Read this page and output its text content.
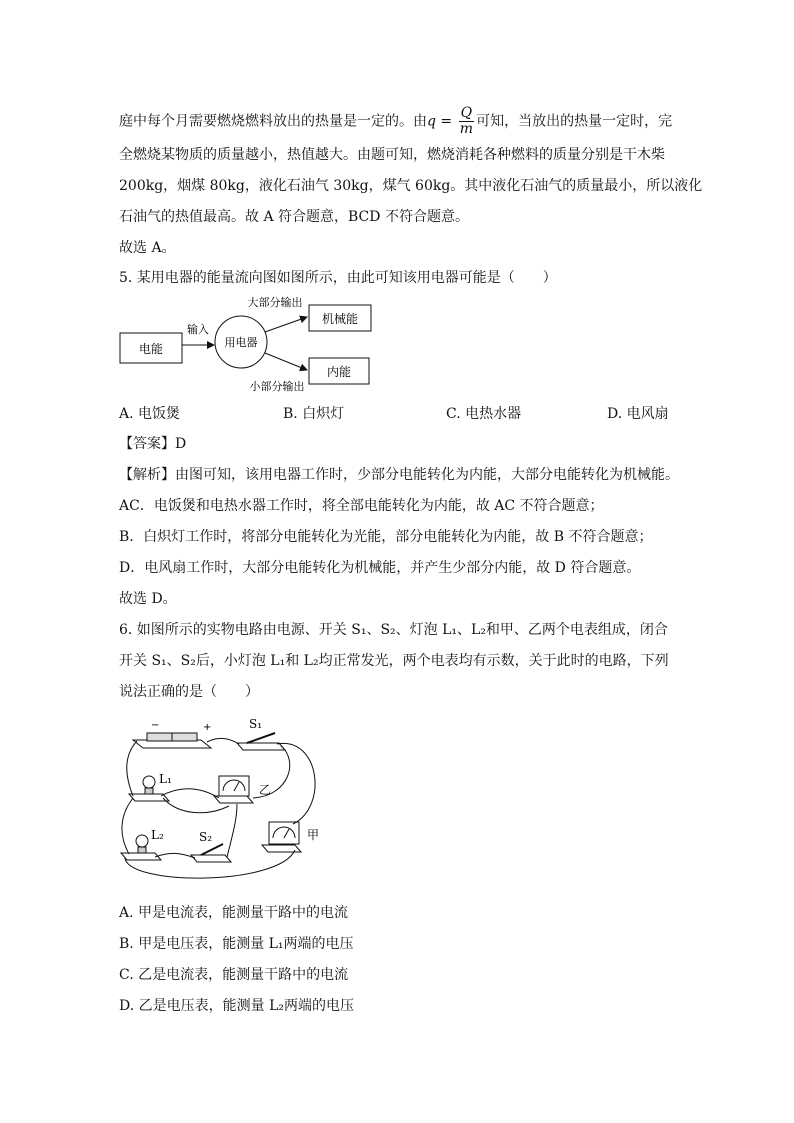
庭中每个月需要燃烧燃料放出的热量是一定的。由$q = \frac{Q}{m}$ 可知，当放出的热量一定时，完
全燃烧某物质的质量越小，热值越大。由题可知，燃烧消耗各种燃料的质量分别是干木柴
200kg，烟煤 80kg，液化石油气 30kg，煤气 60kg。其中液化石油气的质量最小，所以液化
石油气的热值最高。故 A 符合题意，BCD 不符合题意。
故选 A。
5. 某用电器的能量流向图如图所示，由此可知该用电器可能是（　　）
电能
输入
用电器
大部分输出
机械能
小部分输出
内能
A. 电饭煲	B. 白炽灯	C. 电热水器	D. 电风扇
【答案】D
【解析】由图可知，该用电器工作时，少部分电能转化为内能，大部分电能转化为机械能。
AC．电饭煲和电热水器工作时，将全部电能转化为内能，故 AC 不符合题意；
B．白炽灯工作时，将部分电能转化为光能，部分电能转化为内能，故 B 不符合题意；
D．电风扇工作时，大部分电能转化为机械能，并产生少部分内能，故 D 符合题意。
故选 D。
6. 如图所示的实物电路由电源、开关 S₁、S₂、灯泡 L₁、L₂和甲、乙两个电表组成，闭合
开关 S₁、S₂后，小灯泡 L₁和 L₂均正常发光，两个电表均有示数，关于此时的电路，下列
说法正确的是（　　）
−	+	S₁
L₁
乙
L₂	S₂	甲
A. 甲是电流表，能测量干路中的电流
B. 甲是电压表，能测量 L₁两端的电压
C. 乙是电流表，能测量干路中的电流
D. 乙是电压表，能测量 L₂两端的电压
